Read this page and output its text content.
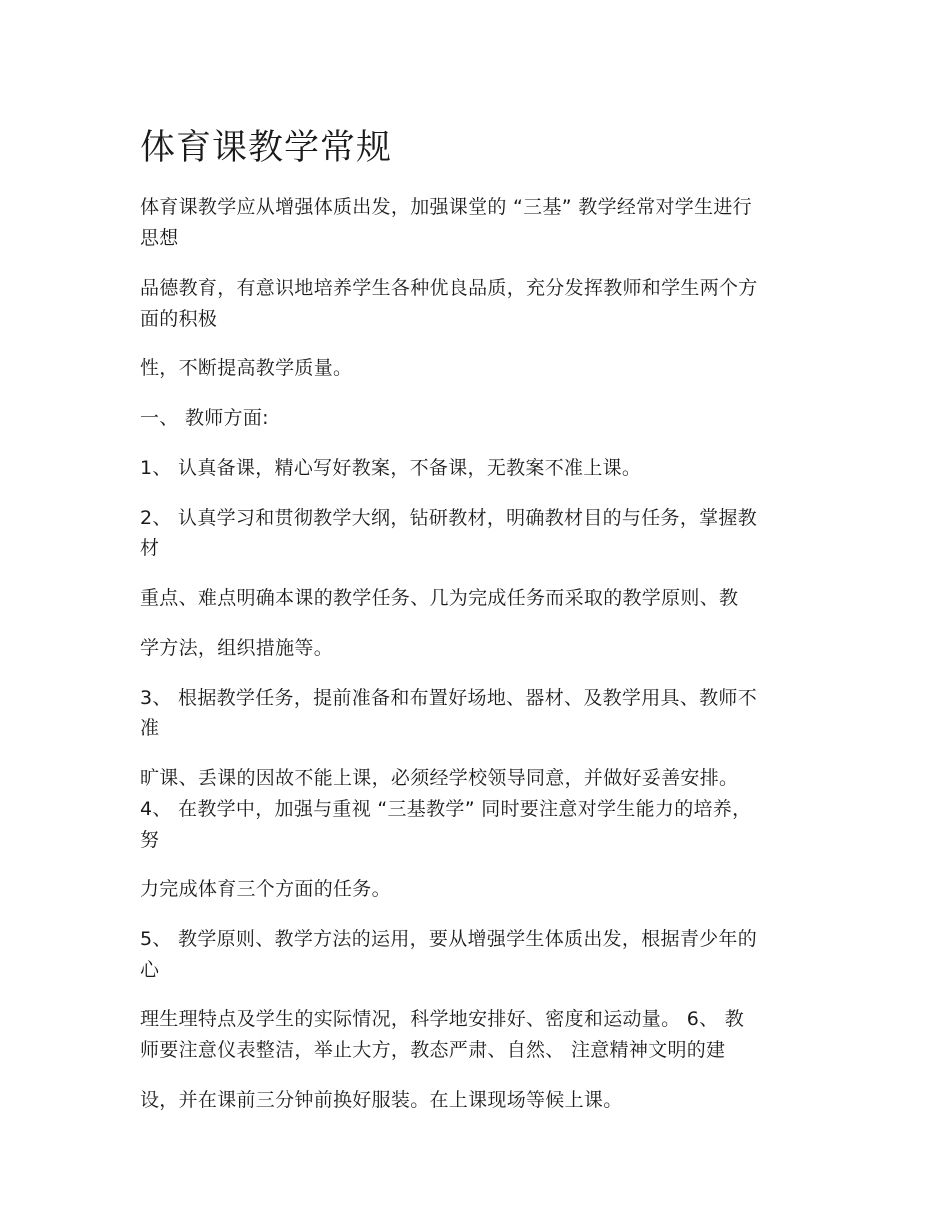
体育课教学常规

体育课教学应从增强体质出发，加强课堂的 “三基” 教学经常对学生进行

思想

品德教育，有意识地培养学生各种优良品质，充分发挥教师和学生两个方

面的积极

性，不断提高教学质量。

一、 教师方面:

1、 认真备课，精心写好教案，不备课，无教案不准上课。

2、 认真学习和贯彻教学大纲，钻研教材，明确教材目的与任务，掌握教

材

重点、难点明确本课的教学任务、几为完成任务而采取的教学原则、教

学方法，组织措施等。

3、 根据教学任务，提前准备和布置好场地、器材、及教学用具、教师不

准

旷课、丢课的因故不能上课，必须经学校领导同意，并做好妥善安排。

4、 在教学中，加强与重视 “三基教学” 同时要注意对学生能力的培养，

努

力完成体育三个方面的任务。

5、 教学原则、教学方法的运用，要从增强学生体质出发，根据青少年的

心

理生理特点及学生的实际情况，科学地安排好、密度和运动量。 6、 教

师要注意仪表整洁，举止大方，教态严肃、自然、 注意精神文明的建

设，并在课前三分钟前换好服装。在上课现场等候上课。
